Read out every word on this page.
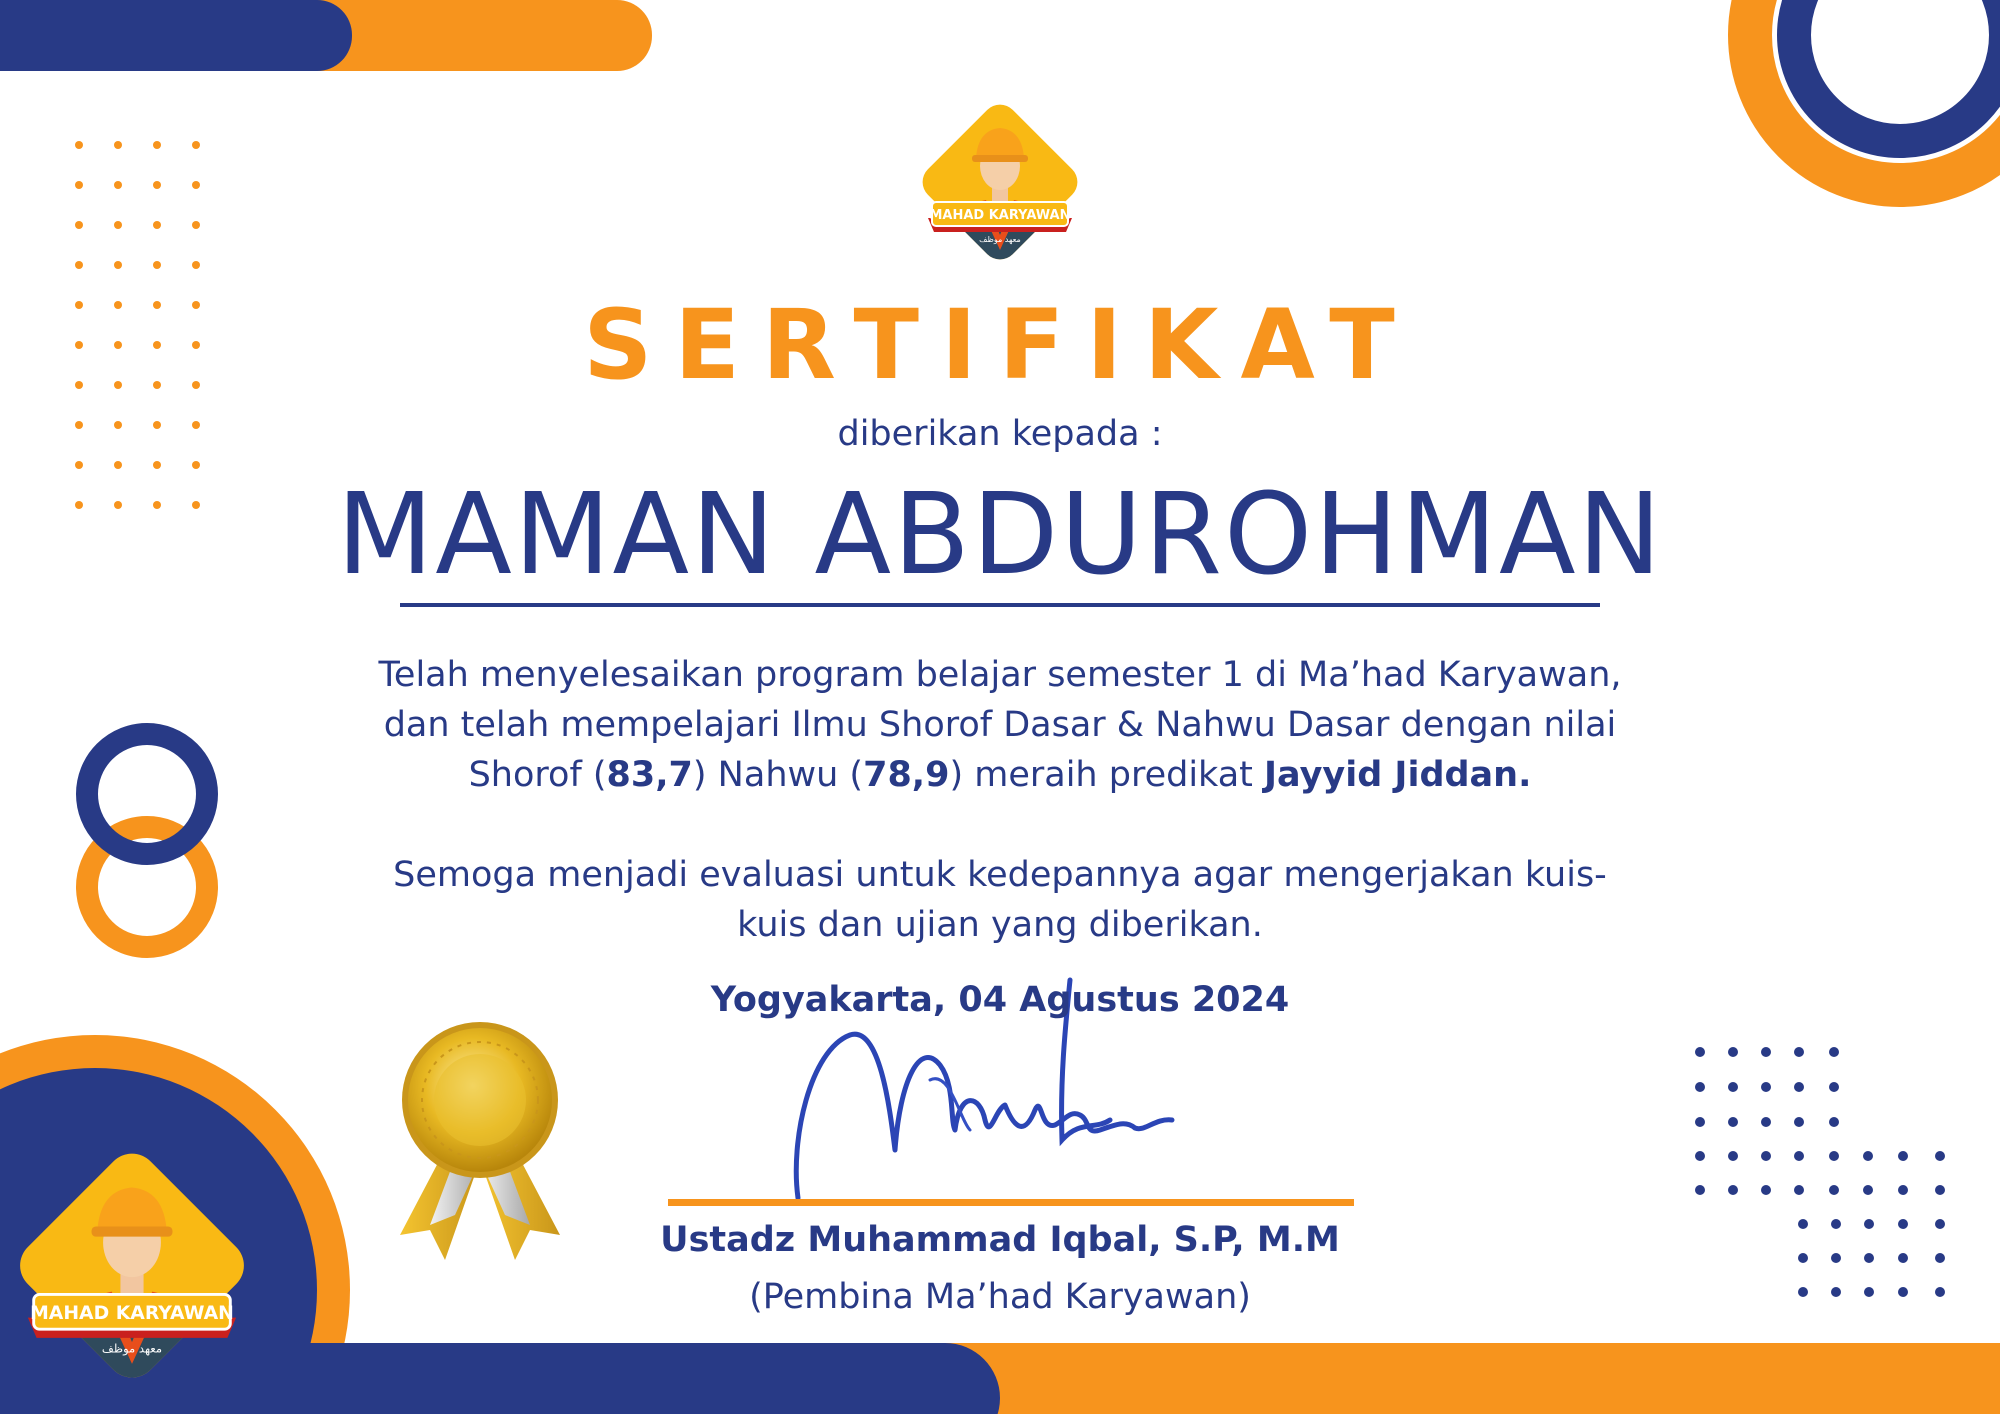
MAHAD KARYAWAN
معهد موظف
MAHAD KARYAWAN
معهد موظف
SERTIFIKAT
diberikan kepada :
MAMAN ABDUROHMAN
Telah menyelesaikan program belajar semester 1 di Ma’had Karyawan,
dan telah mempelajari Ilmu Shorof Dasar & Nahwu Dasar dengan nilai
Shorof (83,7) Nahwu (78,9) meraih predikat Jayyid Jiddan.
Semoga menjadi evaluasi untuk kedepannya agar mengerjakan kuis-
kuis dan ujian yang diberikan.
Yogyakarta, 04 Agustus 2024
Ustadz Muhammad Iqbal, S.P, M.M
(Pembina Ma’had Karyawan)
